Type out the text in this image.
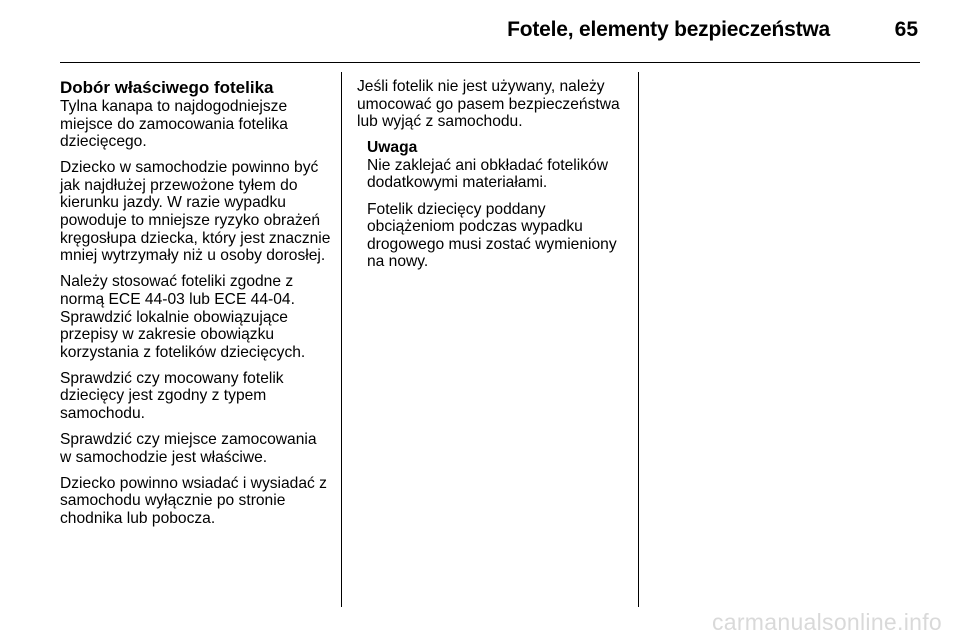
Fotele, elementy bezpieczeństwa	65
Dobór właściwego fotelika

Tylna kanapa to najdogodniejsze miejsce do zamocowania fotelika dziecięcego.

Dziecko w samochodzie powinno być jak najdłużej przewożone tyłem do kierunku jazdy. W razie wypadku powoduje to mniejsze ryzyko obrażeń kręgosłupa dziecka, który jest znacznie mniej wytrzymały niż u osoby dorosłej.

Należy stosować foteliki zgodne z normą ECE 44-03 lub ECE 44-04. Sprawdzić lokalnie obowiązujące przepisy w zakresie obowiązku korzystania z fotelików dziecięcych.

Sprawdzić czy mocowany fotelik dziecięcy jest zgodny z typem samochodu.

Sprawdzić czy miejsce zamocowania w samochodzie jest właściwe.

Dziecko powinno wsiadać i wysiadać z samochodu wyłącznie po stronie chodnika lub pobocza.

Jeśli fotelik nie jest używany, należy umocować go pasem bezpieczeństwa lub wyjąć z samochodu.

Uwaga

Nie zaklejać ani obkładać fotelików dodatkowymi materiałami.

Fotelik dziecięcy poddany obciążeniom podczas wypadku drogowego musi zostać wymieniony na nowy.

carmanualsonline.info
